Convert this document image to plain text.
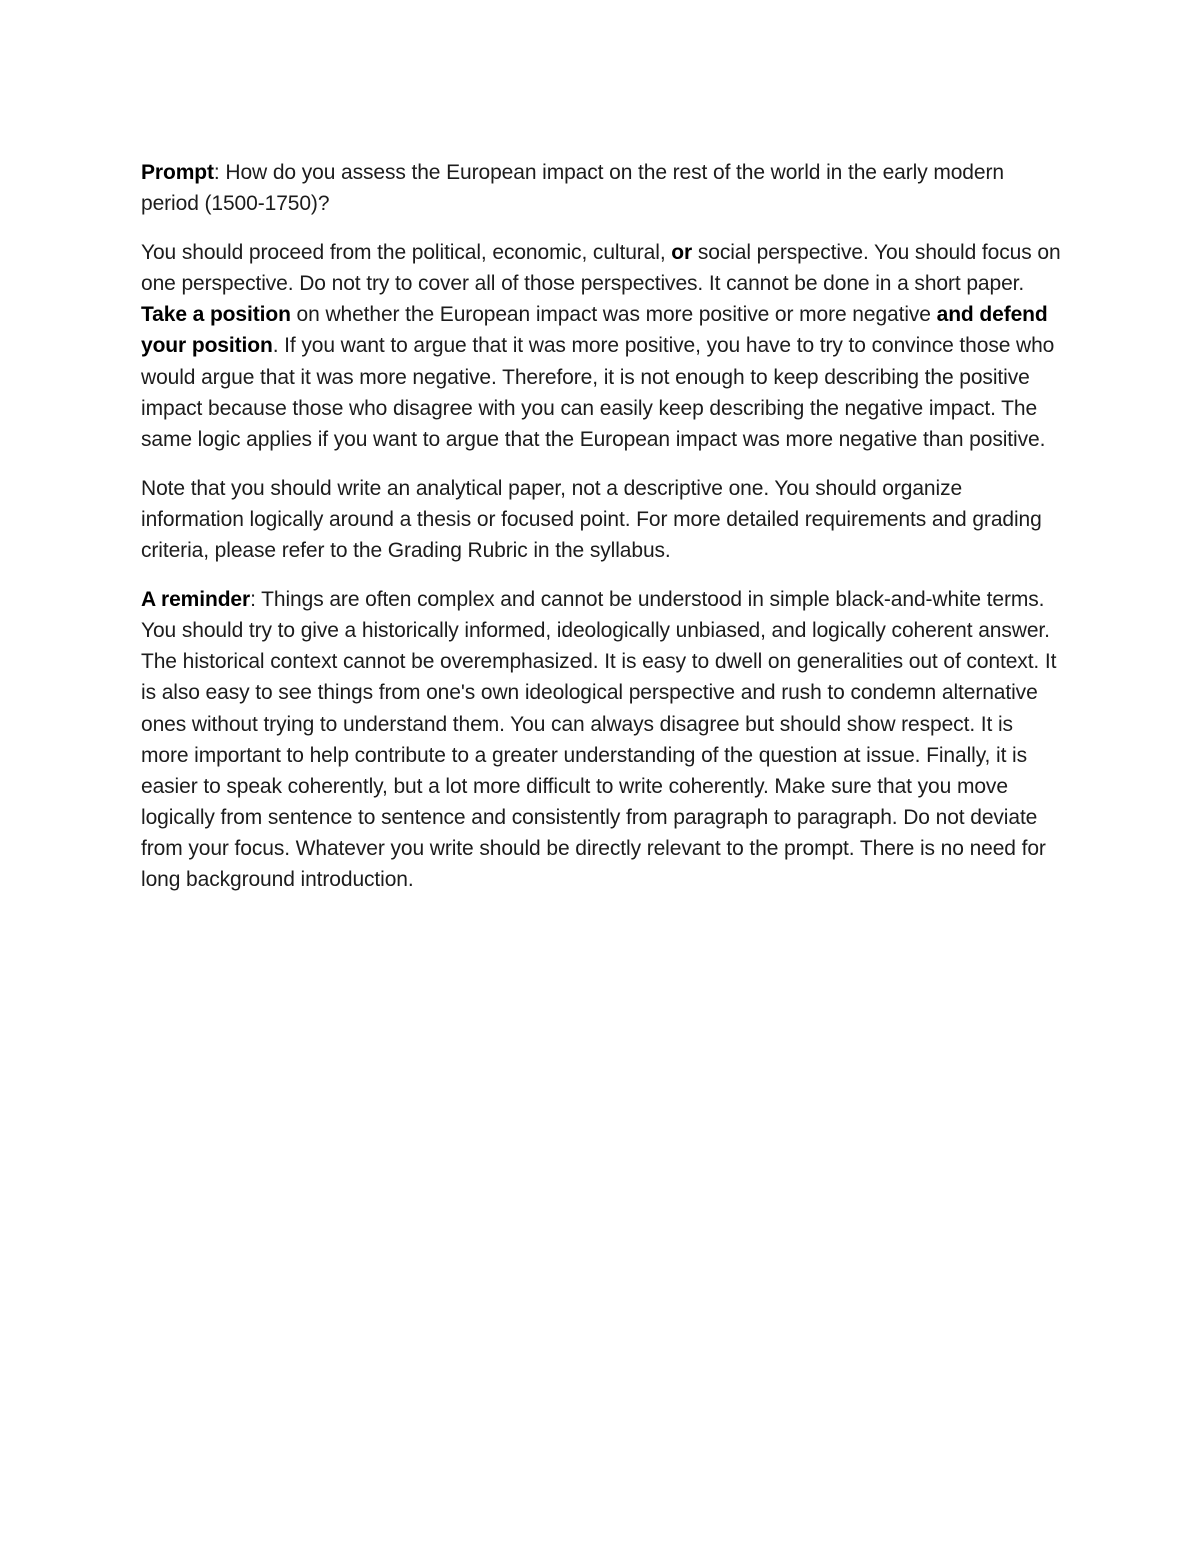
Prompt: How do you assess the European impact on the rest of the world in the early modern period (1500-1750)?

You should proceed from the political, economic, cultural, or social perspective. You should focus on one perspective. Do not try to cover all of those perspectives. It cannot be done in a short paper. Take a position on whether the European impact was more positive or more negative and defend your position. If you want to argue that it was more positive, you have to try to convince those who would argue that it was more negative. Therefore, it is not enough to keep describing the positive impact because those who disagree with you can easily keep describing the negative impact. The same logic applies if you want to argue that the European impact was more negative than positive.

Note that you should write an analytical paper, not a descriptive one. You should organize information logically around a thesis or focused point. For more detailed requirements and grading criteria, please refer to the Grading Rubric in the syllabus.

A reminder: Things are often complex and cannot be understood in simple black-and-white terms. You should try to give a historically informed, ideologically unbiased, and logically coherent answer. The historical context cannot be overemphasized. It is easy to dwell on generalities out of context. It is also easy to see things from one's own ideological perspective and rush to condemn alternative ones without trying to understand them. You can always disagree but should show respect. It is more important to help contribute to a greater understanding of the question at issue. Finally, it is easier to speak coherently, but a lot more difficult to write coherently. Make sure that you move logically from sentence to sentence and consistently from paragraph to paragraph. Do not deviate from your focus. Whatever you write should be directly relevant to the prompt. There is no need for long background introduction.
